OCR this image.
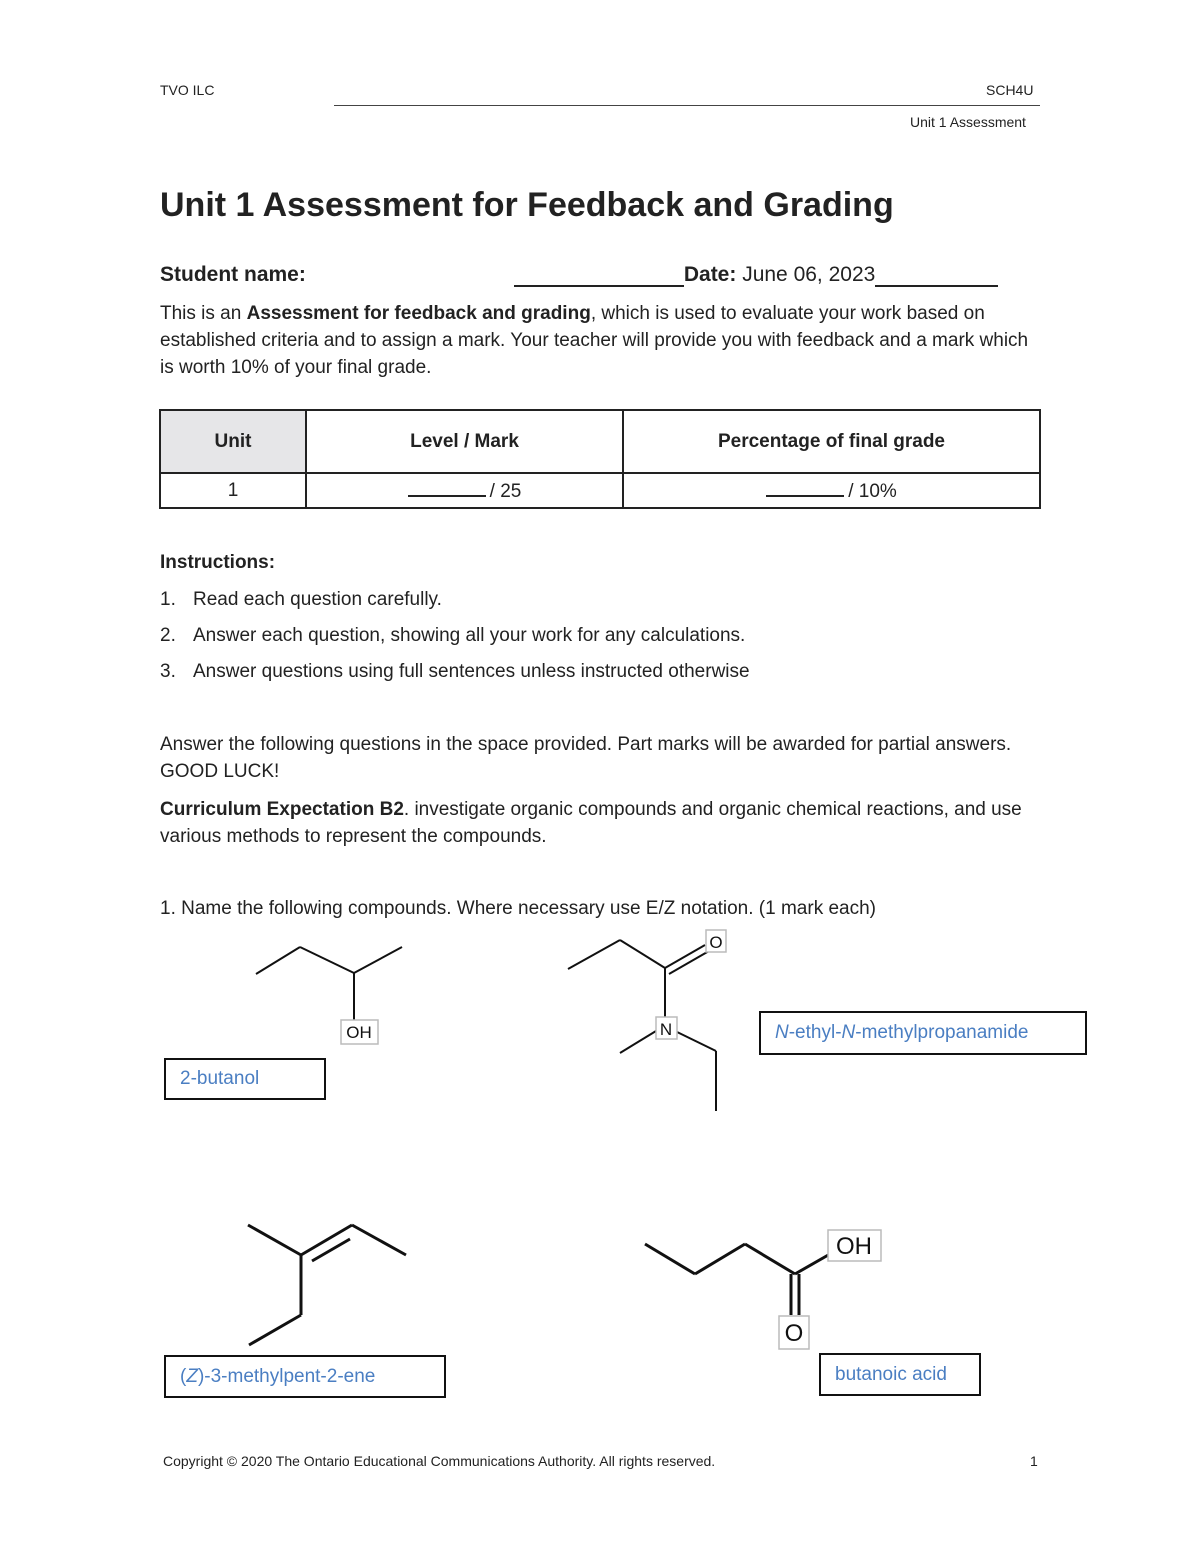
TVO ILC	SCH4U
Unit 1 Assessment
Unit 1 Assessment for Feedback and Grading
Student name:	Date: June 06, 2023
This is an Assessment for feedback and grading, which is used to evaluate your work based on established criteria and to assign a mark. Your teacher will provide you with feedback and a mark which is worth 10% of your final grade.
Unit	Level / Mark	Percentage of final grade
1	/ 25	/ 10%
Instructions:
1. Read each question carefully.
2. Answer each question, showing all your work for any calculations.
3. Answer questions using full sentences unless instructed otherwise
Answer the following questions in the space provided. Part marks will be awarded for partial answers. GOOD LUCK!
Curriculum Expectation B2. investigate organic compounds and organic chemical reactions, and use various methods to represent the compounds.
1. Name the following compounds. Where necessary use E/Z notation. (1 mark each)
OH
O
N
OH
O
2-butanol
N-ethyl-N-methylpropanamide
(Z)-3-methylpent-2-ene	butanoic acid
Copyright © 2020 The Ontario Educational Communications Authority. All rights reserved.	1
